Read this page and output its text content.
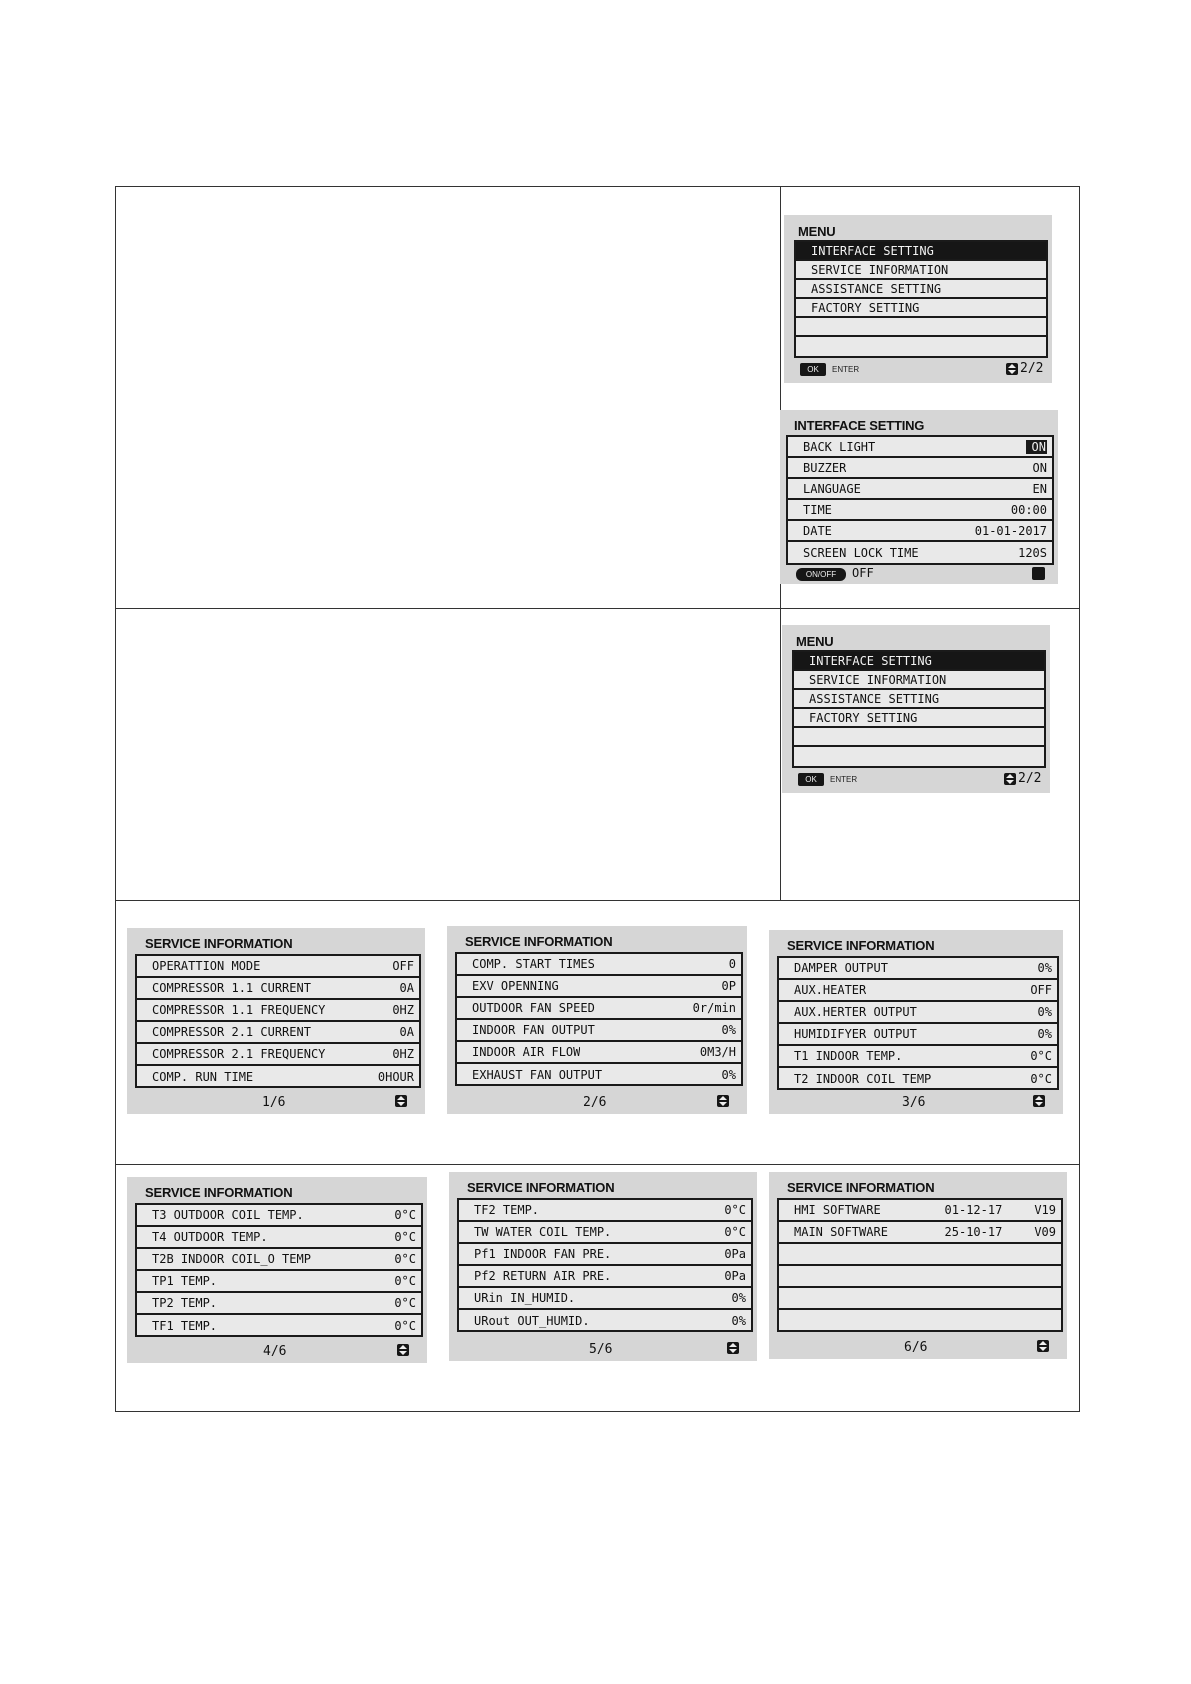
MENU
INTERFACE SETTING
SERVICE INFORMATION
ASSISTANCE SETTING
FACTORY SETTING
OK	ENTER	2/2
INTERFACE SETTING
BACK LIGHT	ON
BUZZER	ON
LANGUAGE	EN
TIME	00:00
DATE	01-01-2017
SCREEN LOCK TIME	120S
ON/OFF	OFF
MENU
INTERFACE SETTING
SERVICE INFORMATION
ASSISTANCE SETTING
FACTORY SETTING
OK	ENTER	2/2
SERVICE INFORMATION
OPERATTION MODE	OFF
COMPRESSOR 1.1 CURRENT	0A
COMPRESSOR 1.1 FREQUENCY	0HZ
COMPRESSOR 2.1 CURRENT	0A
COMPRESSOR 2.1 FREQUENCY	0HZ
COMP. RUN TIME	0HOUR
1/6
SERVICE INFORMATION
COMP. START TIMES	0
EXV OPENNING	0P
OUTDOOR FAN SPEED	0r/min
INDOOR FAN OUTPUT	0%
INDOOR AIR FLOW	0M3/H
EXHAUST FAN OUTPUT	0%
2/6
SERVICE INFORMATION
DAMPER OUTPUT	0%
AUX.HEATER	OFF
AUX.HERTER OUTPUT	0%
HUMIDIFYER OUTPUT	0%
T1 INDOOR TEMP.	0°C
T2 INDOOR COIL TEMP	0°C
3/6
SERVICE INFORMATION
T3 OUTDOOR COIL TEMP.	0°C
T4 OUTDOOR TEMP.	0°C
T2B INDOOR COIL_O TEMP	0°C
TP1 TEMP.	0°C
TP2 TEMP.	0°C
TF1 TEMP.	0°C
4/6
SERVICE INFORMATION
TF2 TEMP.	0°C
TW WATER COIL TEMP.	0°C
Pf1 INDOOR FAN PRE.	0Pa
Pf2 RETURN AIR PRE.	0Pa
URin IN_HUMID.	0%
URout OUT_HUMID.	0%
5/6
SERVICE INFORMATION
HMI SOFTWARE	01-12-17	V19
MAIN SOFTWARE	25-10-17	V09
6/6
